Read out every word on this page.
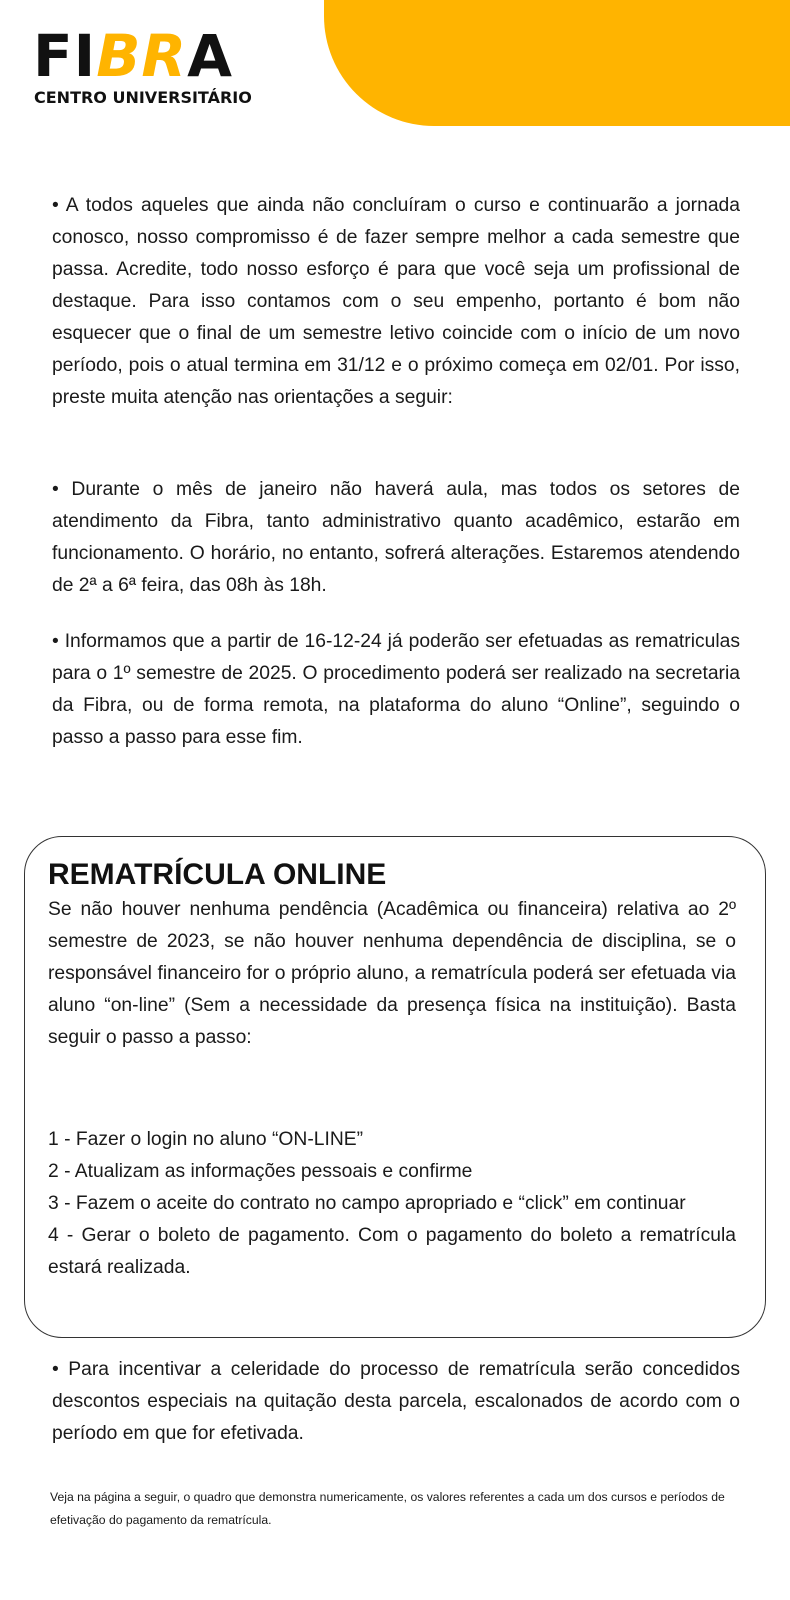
FIBRA
CENTRO UNIVERSITÁRIO

• A todos aqueles que ainda não concluíram o curso e continuarão a jornada conosco, nosso compromisso é de fazer sempre melhor a cada semestre que passa. Acredite, todo nosso esforço é para que você seja um profissional de destaque. Para isso contamos com o seu empenho, portanto é bom não esquecer que o final de um semestre letivo coincide com o início de um novo período, pois o atual termina em 31/12 e o próximo começa em 02/01. Por isso, preste muita atenção nas orientações a seguir:

• Durante o mês de janeiro não haverá aula, mas todos os setores de atendimento da Fibra, tanto administrativo quanto acadêmico, estarão em funcionamento. O horário, no entanto, sofrerá alterações. Estaremos atendendo de 2ª a 6ª feira, das 08h às 18h.

• Informamos que a partir de 16-12-24 já poderão ser efetuadas as rematriculas para o 1º semestre de 2025. O procedimento poderá ser realizado na secretaria da Fibra, ou de forma remota, na plataforma do aluno “Online”, seguindo o passo a passo para esse fim.

REMATRÍCULA ONLINE

Se não houver nenhuma pendência (Acadêmica ou financeira) relativa ao 2º semestre de 2023, se não houver nenhuma dependência de disciplina, se o responsável financeiro for o próprio aluno, a rematrícula poderá ser efetuada via aluno “on-line” (Sem a necessidade da presença física na instituição). Basta seguir o passo a passo:

1 - Fazer o login no aluno “ON-LINE”

2 - Atualizam as informações pessoais e confirme

3 - Fazem o aceite do contrato no campo apropriado e “click” em continuar

4 - Gerar o boleto de pagamento. Com o pagamento do boleto a rematrícula estará realizada.

• Para incentivar a celeridade do processo de rematrícula serão concedidos descontos especiais na quitação desta parcela, escalonados de acordo com o período em que for efetivada.

Veja na página a seguir, o quadro que demonstra numericamente, os valores referentes a cada um dos cursos e períodos de efetivação do pagamento da rematrícula.
